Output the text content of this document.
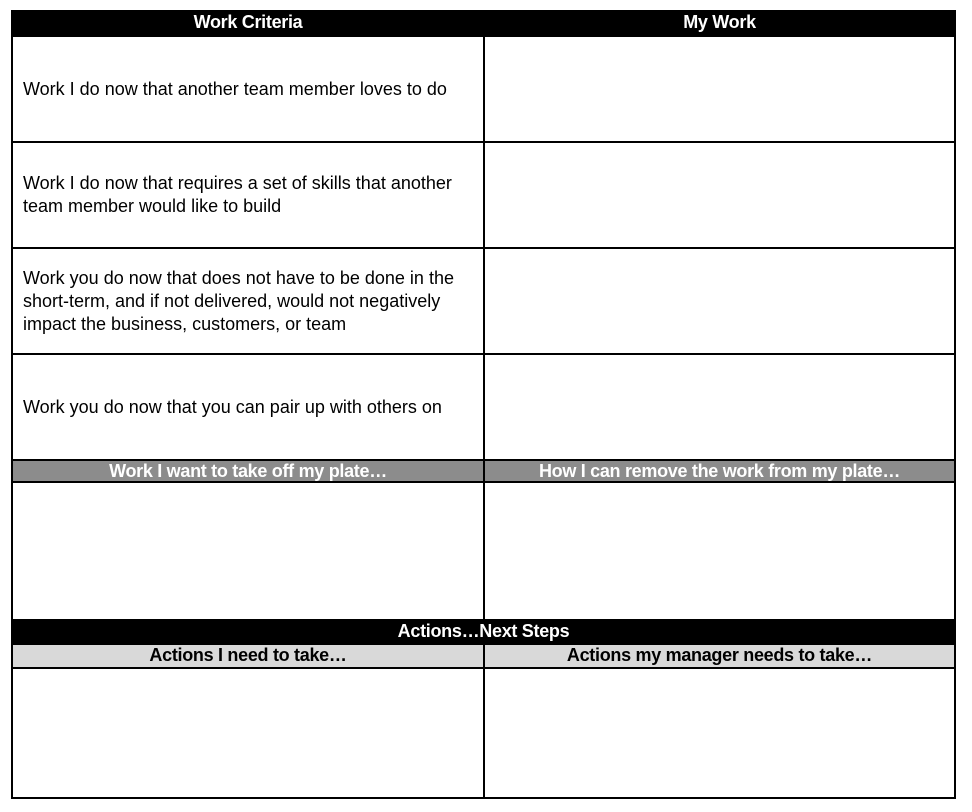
Work Criteria	My Work
Work I do now that another team member loves to do
Work I do now that requires a set of skills that another team member would like to build
Work you do now that does not have to be done in the short-term, and if not delivered, would not negatively impact the business, customers, or team
Work you do now that you can pair up with others on
Work I want to take off my plate…	How I can remove the work from my plate…
Actions…Next Steps
Actions I need to take…	Actions my manager needs to take…
